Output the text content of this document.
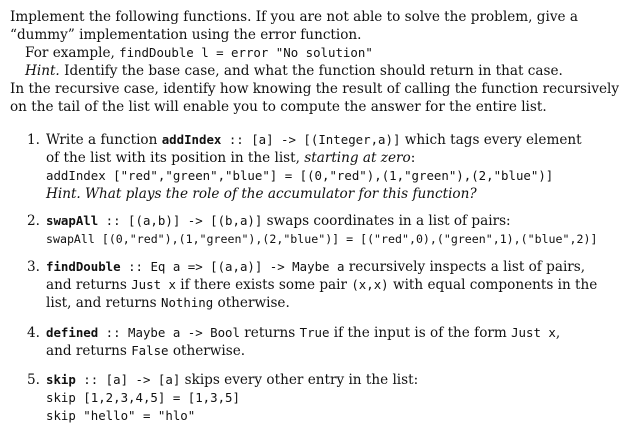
Implement the following functions. If you are not able to solve the problem, give a
“dummy” implementation using the error function.
For example, findDouble l = error "No solution"
Hint. Identify the base case, and what the function should return in that case.
In the recursive case, identify how knowing the result of calling the function recursively
on the tail of the list will enable you to compute the answer for the entire list.
1. Write a function addIndex :: [a] -> [(Integer,a)] which tags every element
of the list with its position in the list, starting at zero:
addIndex ["red","green","blue"] = [(0,"red"),(1,"green"),(2,"blue")]
Hint. What plays the role of the accumulator for this function?
2. swapAll :: [(a,b)] -> [(b,a)] swaps coordinates in a list of pairs:
swapAll [(0,"red"),(1,"green"),(2,"blue")] = [("red",0),("green",1),("blue",2)]
3. findDouble :: Eq a => [(a,a)] -> Maybe a recursively inspects a list of pairs,
and returns Just x if there exists some pair (x,x) with equal components in the
list, and returns Nothing otherwise.
4. defined :: Maybe a -> Bool returns True if the input is of the form Just x,
and returns False otherwise.
5. skip :: [a] -> [a] skips every other entry in the list:
skip [1,2,3,4,5] = [1,3,5]
skip "hello" = "hlo"
